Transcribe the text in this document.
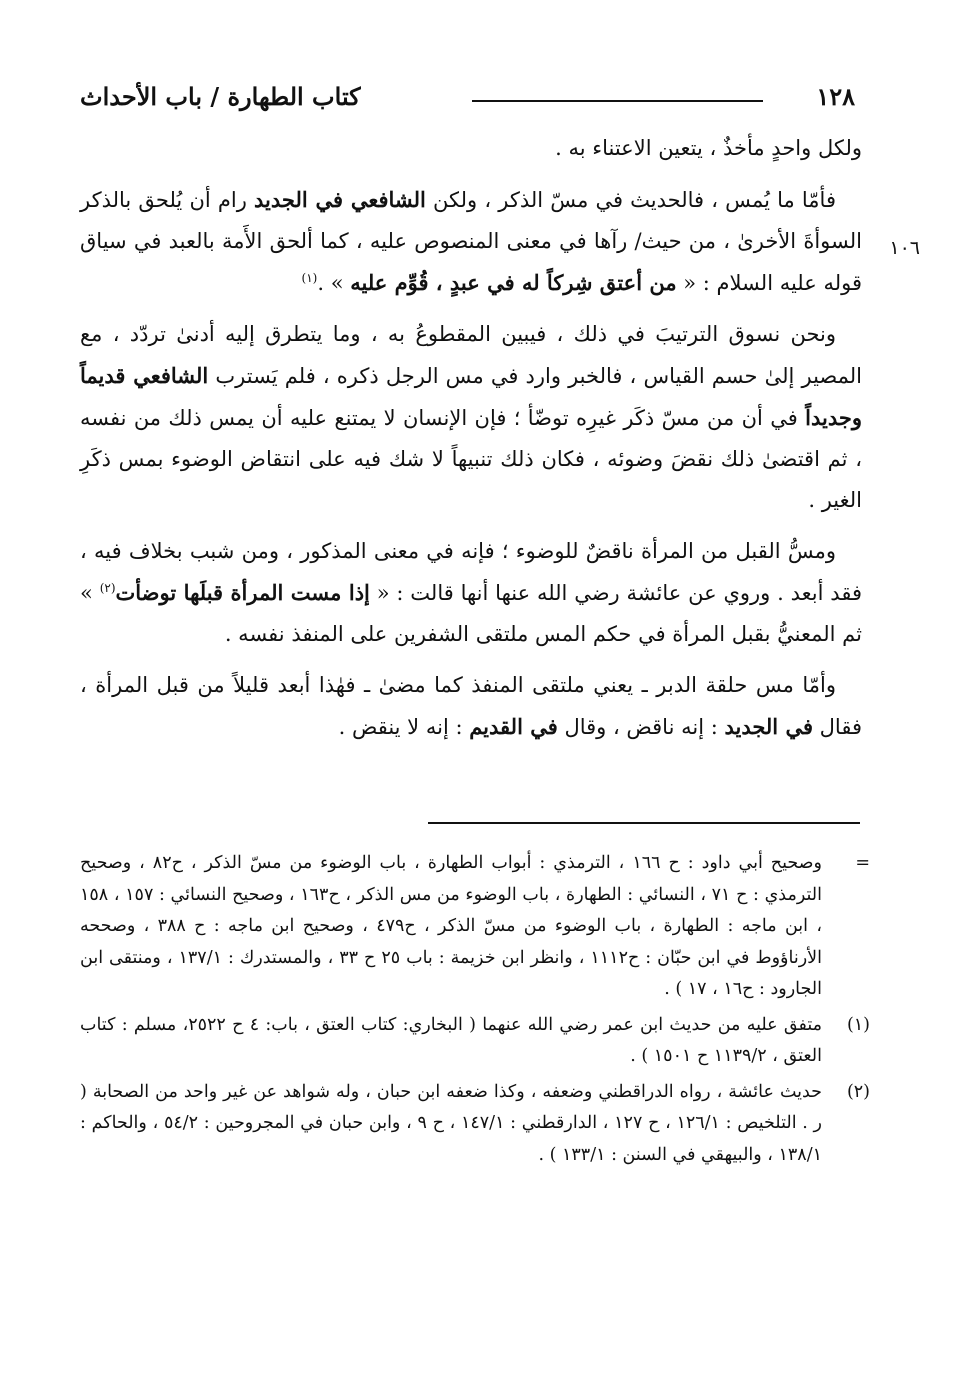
١٢٨
كتاب الطهارة / باب الأحداث
١٠٦

ولكل واحدٍ مأخذٌ ، يتعين الاعتناء به .

فأمّا ما يُمس ، فالحديث في مسّ الذكر ، ولكن الشافعي في الجديد رام أن يُلحق بالذكر السوأةَ الأخرىٰ ، من حيث/ رآها في معنى المنصوص عليه ، كما ألحق الأَمة بالعبد في سياق قوله عليه السلام : « من أعتق شِركاً له في عبدٍ ، قُوِّم عليه » .$^{(١)}$

ونحن نسوق الترتيبَ في ذلك ، فيبين المقطوعُ به ، وما يتطرق إليه أدنىٰ تردّد ، مع المصير إلىٰ حسم القياس ، فالخبر وارد في مس الرجل ذكره ، فلم يَسترب الشافعي قديماً وجديداً في أن من مسّ ذكَر غيرِه توضّأ ؛ فإن الإنسان لا يمتنع عليه أن يمس ذلك من نفسه ، ثم اقتضىٰ ذلك نقضَ وضوئه ، فكان ذلك تنبيهاً لا شك فيه على انتقاض الوضوء بمس ذكَرِ الغير .

ومسُّ القبل من المرأة ناقضٌ للوضوء ؛ فإنه في معنى المذكور ، ومن شبب بخلاف فيه ، فقد أبعد . وروي عن عائشة رضي الله عنها أنها قالت : « إذا مست المرأة قبلَها توضأت$^{(٢)}$ » ثم المعنيُّ بقبل المرأة في حكم المس ملتقى الشفرين على المنفذ نفسه .

وأمّا مس حلقة الدبر ـ يعني ملتقى المنفذ كما مضىٰ ـ فهٰذا أبعد قليلاً من قبل المرأة ، فقال في الجديد : إنه ناقض ، وقال في القديم : إنه لا ينقض .

=
وصحيح أبي داود : ح ١٦٦ ، الترمذي : أبواب الطهارة ، باب الوضوء من مسّ الذكر ، ح٨٢ ، وصحيح الترمذي : ح ٧١ ، النسائي : الطهارة ، باب الوضوء من مس الذكر ، ح١٦٣ ، وصحيح النسائي : ١٥٧ ، ١٥٨ ، ابن ماجه : الطهارة ، باب الوضوء من مسّ الذكر ، ح٤٧٩ ، وصحيح ابن ماجه : ح ٣٨٨ ، وصححه الأرناؤوط في ابن حبّان : ح١١١٢ ، وانظر ابن خزيمة : باب ٢٥ ح ٣٣ ، والمستدرك : ١٣٧/١ ، ومنتقى ابن الجارود : ح١٦ ، ١٧ ) .
(١)
متفق عليه من حديث ابن عمر رضي الله عنهما ( البخاري: كتاب العتق ، باب: ٤ ح ٢٥٢٢، مسلم : كتاب العتق ، ١١٣٩/٢ ح ١٥٠١ ) .
(٢)
حديث عائشة ، رواه الدراقطني وضعفه ، وكذا ضعفه ابن حبان ، وله شواهد عن غير واحد من الصحابة ( ر . التلخيص : ١٢٦/١ ، ح ١٢٧ ، الدارقطني : ١٤٧/١ ، ح ٩ ، وابن حبان في المجروحين : ٥٤/٢ ، والحاكم : ١٣٨/١ ، والبيهقي في السنن : ١٣٣/١ ) .
